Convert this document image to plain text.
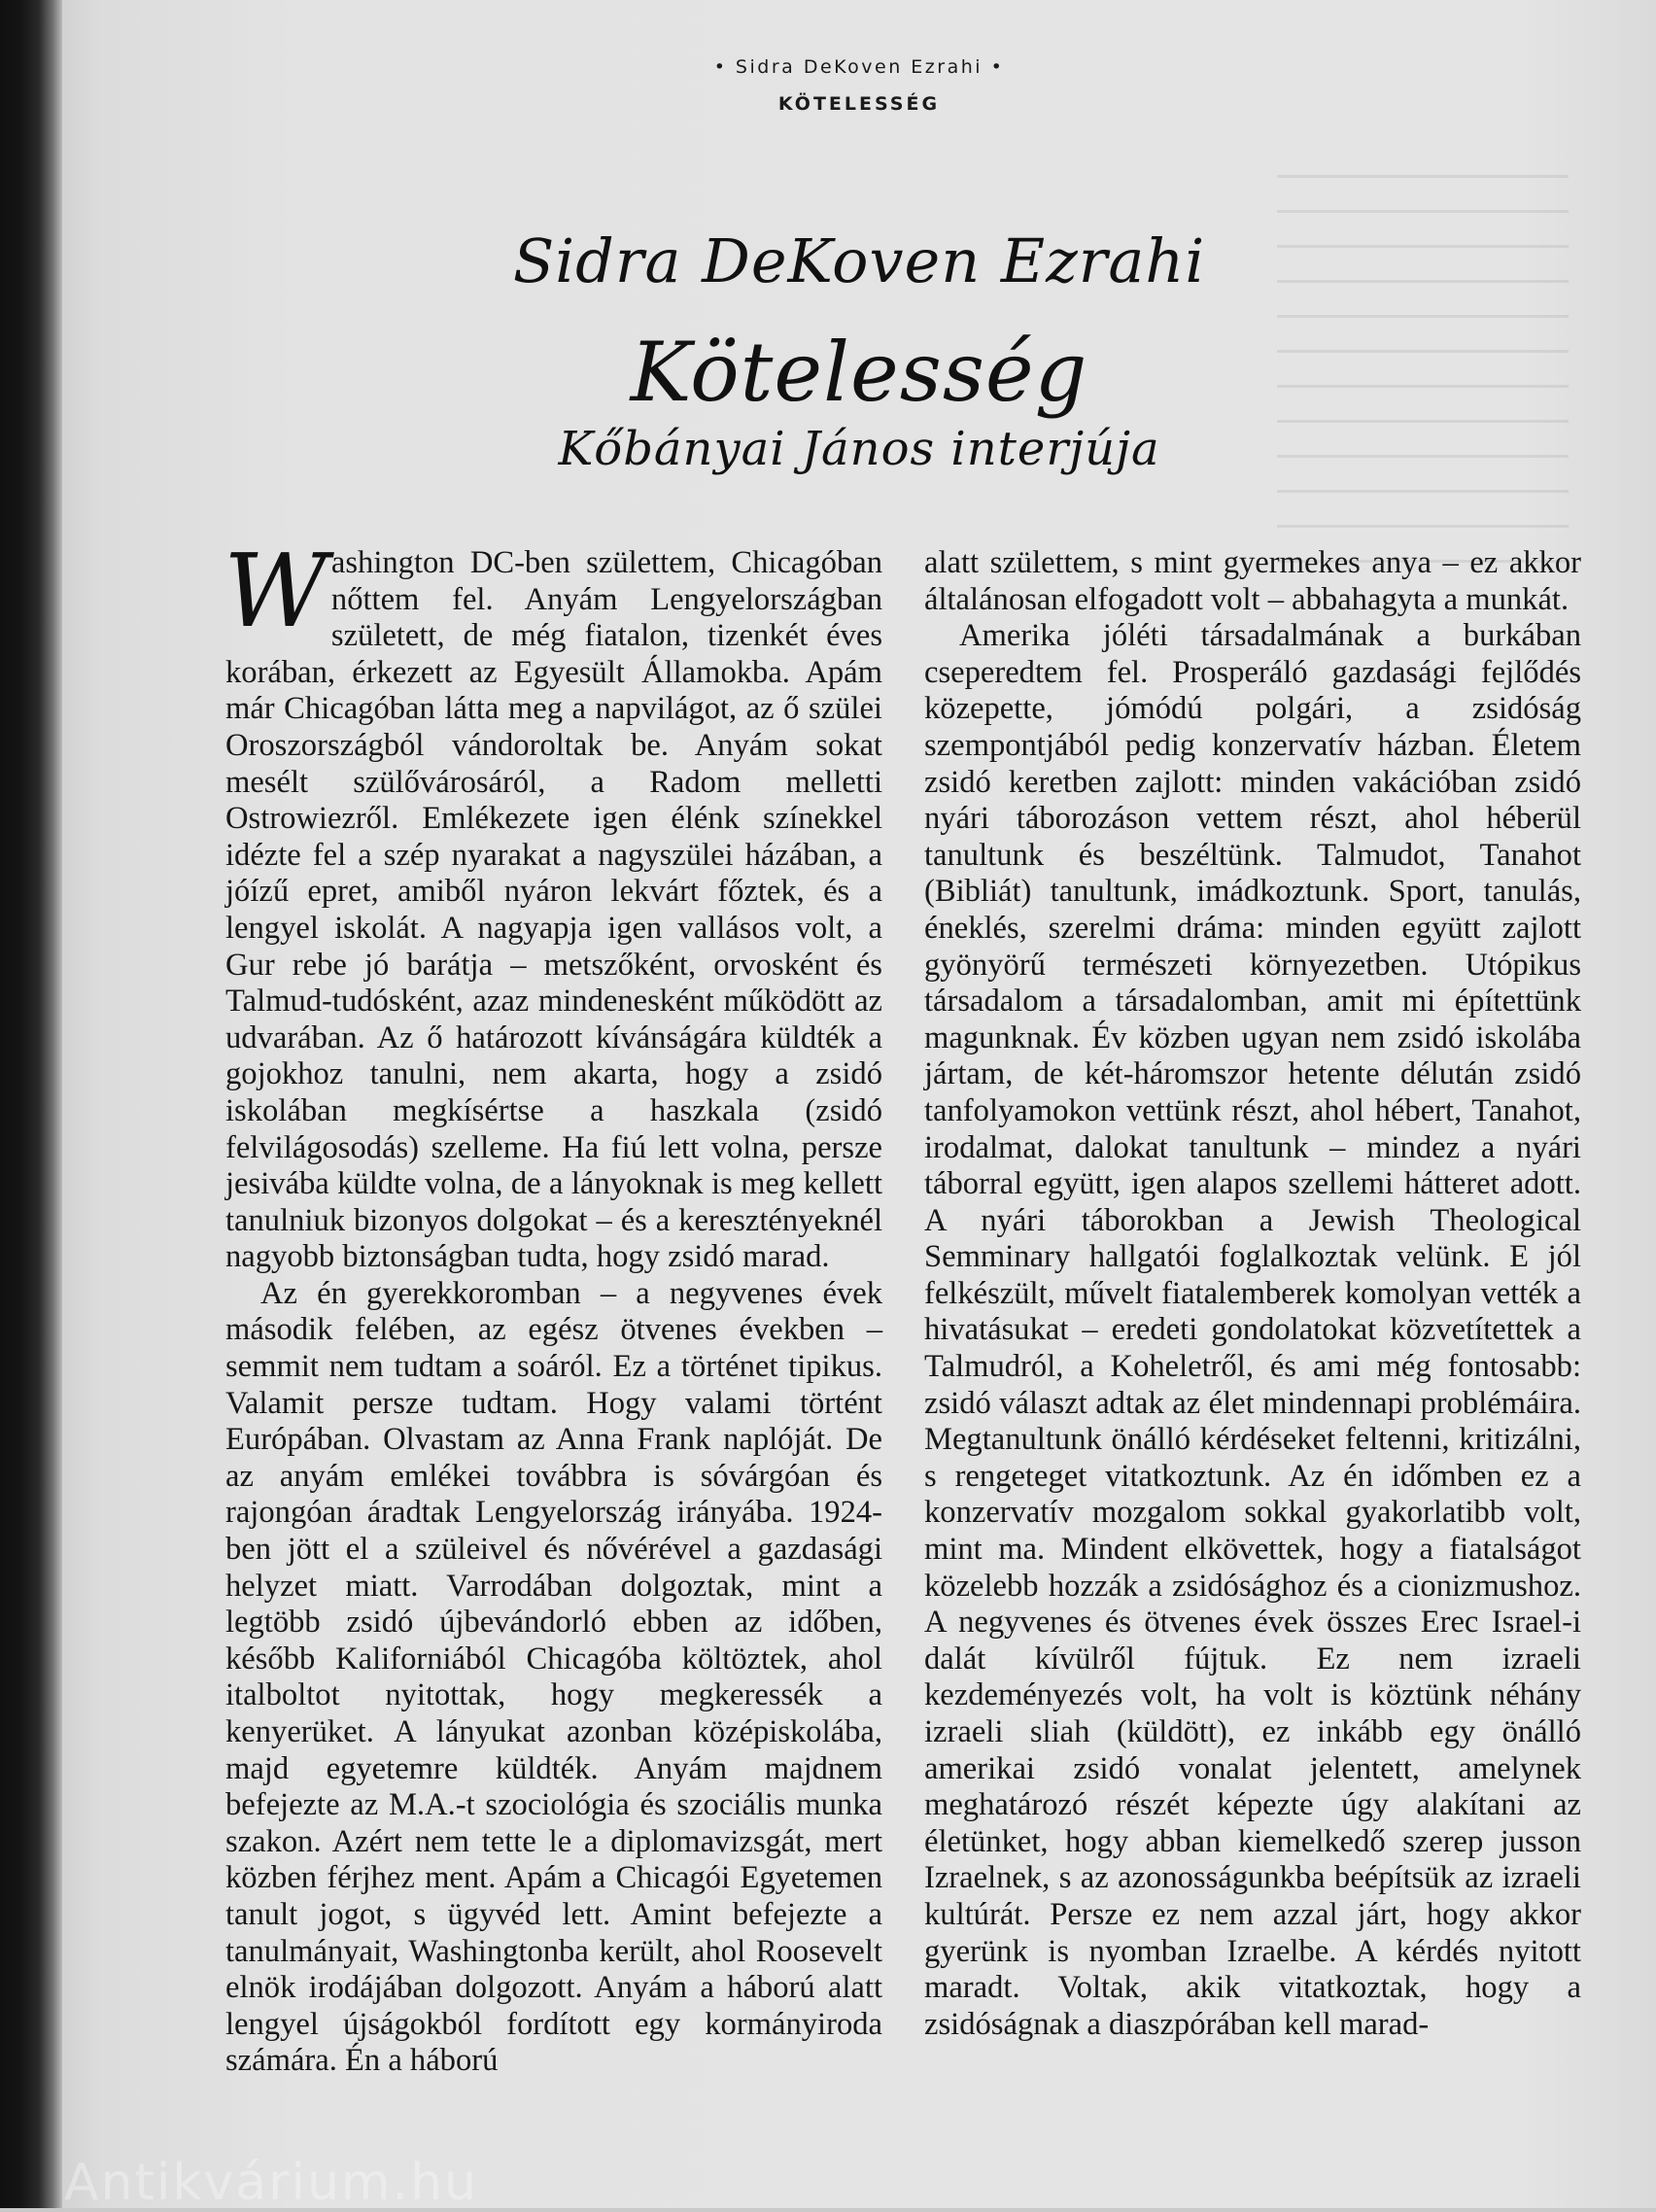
• Sidra DeKoven Ezrahi •
KÖTELESSÉG
Sidra DeKoven Ezrahi
Kötelesség
Kőbányai János interjúja

Washington DC-ben születtem, Chicagóban nőttem fel. Anyám Lengyelországban született, de még fiatalon, tizenkét éves korában, érkezett az Egyesült Államokba. Apám már Chicagóban látta meg a napvilágot, az ő szülei Oroszországból vándoroltak be. Anyám sokat mesélt szülővárosáról, a Radom melletti Ostrowiezről. Emlékezete igen élénk színekkel idézte fel a szép nyarakat a nagyszülei házában, a jóízű epret, amiből nyáron lekvárt főztek, és a lengyel iskolát. A nagyapja igen vallásos volt, a Gur rebe jó barátja – metszőként, orvosként és Talmud-tudósként, azaz mindenesként működött az udvarában. Az ő határozott kívánságára küldték a gojokhoz tanulni, nem akarta, hogy a zsidó iskolában megkísértse a haszkala (zsidó felvilágosodás) szelleme. Ha fiú lett volna, persze jesivába küldte volna, de a lányoknak is meg kellett tanulniuk bizonyos dolgokat – és a keresztényeknél nagyobb biztonságban tudta, hogy zsidó marad.

Az én gyerekkoromban – a negyvenes évek második felében, az egész ötvenes években – semmit nem tudtam a soáról. Ez a történet tipikus. Valamit persze tudtam. Hogy valami történt Európában. Olvastam az Anna Frank naplóját. De az anyám emlékei továbbra is sóvárgóan és rajongóan áradtak Lengyelország irányába. 1924-ben jött el a szüleivel és nővérével a gazdasági helyzet miatt. Varrodában dolgoztak, mint a legtöbb zsidó újbevándorló ebben az időben, később Kaliforniából Chicagóba költöztek, ahol italboltot nyitottak, hogy megkeressék a kenyerüket. A lányukat azonban középiskolába, majd egyetemre küldték. Anyám majdnem befejezte az M.A.-t szociológia és szociális munka szakon. Azért nem tette le a diplomavizsgát, mert közben férjhez ment. Apám a Chicagói Egyetemen tanult jogot, s ügyvéd lett. Amint befejezte a tanulmányait, Washingtonba került, ahol Roosevelt elnök irodájában dolgozott. Anyám a háború alatt lengyel újságokból fordított egy kormányiroda számára. Én a háború

alatt születtem, s mint gyermekes anya – ez akkor általánosan elfogadott volt – abbahagyta a munkát.

Amerika jóléti társadalmának a burkában cseperedtem fel. Prosperáló gazdasági fejlődés közepette, jómódú polgári, a zsidóság szempontjából pedig konzervatív házban. Életem zsidó keretben zajlott: minden vakációban zsidó nyári táborozáson vettem részt, ahol héberül tanultunk és beszéltünk. Talmudot, Tanahot (Bibliát) tanultunk, imádkoztunk. Sport, tanulás, éneklés, szerelmi dráma: minden együtt zajlott gyönyörű természeti környezetben. Utópikus társadalom a társadalomban, amit mi építettünk magunknak. Év közben ugyan nem zsidó iskolába jártam, de két-háromszor hetente délután zsidó tanfolyamokon vettünk részt, ahol hébert, Tanahot, irodalmat, dalokat tanultunk – mindez a nyári táborral együtt, igen alapos szellemi hátteret adott. A nyári táborokban a Jewish Theological Semminary hallgatói foglalkoztak velünk. E jól felkészült, művelt fiatalemberek komolyan vették a hivatásukat – eredeti gondolatokat közvetítettek a Talmudról, a Koheletről, és ami még fontosabb: zsidó választ adtak az élet mindennapi problémáira. Megtanultunk önálló kérdéseket feltenni, kritizálni, s rengeteget vitatkoztunk. Az én időmben ez a konzervatív mozgalom sokkal gyakorlatibb volt, mint ma. Mindent elkövettek, hogy a fiatalságot közelebb hozzák a zsidósághoz és a cionizmushoz. A negyvenes és ötvenes évek összes Erec Israel-i dalát kívülről fújtuk. Ez nem izraeli kezdeményezés volt, ha volt is köztünk néhány izraeli sliah (küldött), ez inkább egy önálló amerikai zsidó vonalat jelentett, amelynek meghatározó részét képezte úgy alakítani az életünket, hogy abban kiemelkedő szerep jusson Izraelnek, s az azonosságunkba beépítsük az izraeli kultúrát. Persze ez nem azzal járt, hogy akkor gyerünk is nyomban Izraelbe. A kérdés nyitott maradt. Voltak, akik vitatkoztak, hogy a zsidóságnak a diaszpórában kell marad-

Antikvárium.hu
